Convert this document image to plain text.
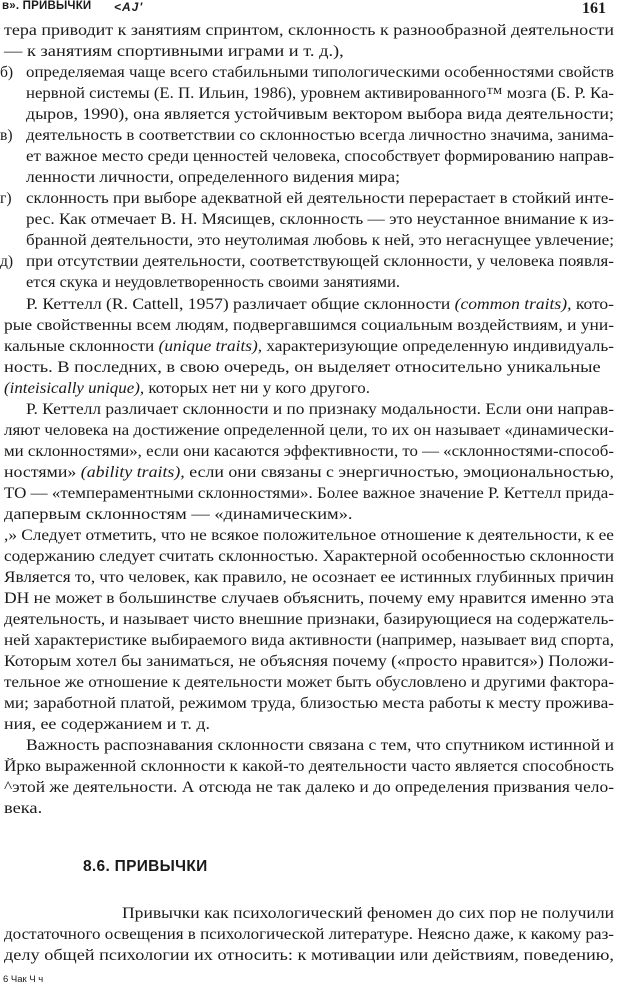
в». ПРИВЫЧКИ <АJ'	161
тера приводит к занятиям спринтом, склонность к разнообразной деятельности
— к занятиям спортивными играми и т. д.),
б) определяемая чаще всего стабильными типологическими особенностями свойств
нервной системы (Е. П. Ильин, 1986), уровнем активированного™ мозга (Б. Р. Ка-
дыров, 1990), она является устойчивым вектором выбора вида деятельности;
в) деятельность в соответствии со склонностью всегда личностно значима, занима-
ет важное место среди ценностей человека, способствует формированию направ-
ленности личности, определенного видения мира;
г) склонность при выборе адекватной ей деятельности перерастает в стойкий инте-
рес. Как отмечает В. Н. Мясищев, склонность — это неустанное внимание к из-
бранной деятельности, это неутолимая любовь к ней, это негаснущее увлечение;
д) при отсутствии деятельности, соответствующей склонности, у человека появля-
ется скука и неудовлетворенность своими занятиями.
Р. Кеттелл (R. Cattell, 1957) различает общие склонности (common traits), кото-
рые свойственны всем людям, подвергавшимся социальным воздействиям, и уни-
кальные склонности (unique traits), характеризующие определенную индивидуаль-
ность. В последних, в свою очередь, он выделяет относительно уникальные
(inteisically unique), которых нет ни у кого другого.
Р. Кеттелл различает склонности и по признаку модальности. Если они направ-
ляют человека на достижение определенной цели, то их он называет «динамически-
ми склонностями», если они касаются эффективности, то — «склонностями-способ-
ностями» (ability traits), если они связаны с энергичностью, эмоциональностью,
ТО — «темпераментными склонностями». Более важное значение Р. Кеттелл прида-
дапервым склонностям — «динамическим».
,» Следует отметить, что не всякое положительное отношение к деятельности, к ее
содержанию следует считать склонностью. Характерной особенностью склонности
Является то, что человек, как правило, не осознает ее истинных глубинных причин
DH не может в большинстве случаев объяснить, почему ему нравится именно эта
деятельность, и называет чисто внешние признаки, базирующиеся на содержатель-
ней характеристике выбираемого вида активности (например, называет вид спорта,
Которым хотел бы заниматься, не объясняя почему («просто нравится») Положи-
тельное же отношение к деятельности может быть обусловлено и другими фактора-
ми; заработной платой, режимом труда, близостью места работы к месту прожива-
ния, ее содержанием и т. д.
Важность распознавания склонности связана с тем, что спутником истинной и
Йрко выраженной склонности к какой-то деятельности часто является способность
^этой же деятельности. А отсюда не так далеко и до определения призвания чело-
века.
Привычки как психологический феномен до сих пор не получили
достаточного освещения в психологической литературе. Неясно даже, к какому раз-
делу общей психологии их относить: к мотивации или действиям, поведению,
8.6. ПРИВЫЧКИ
6 Чак Ч ч
